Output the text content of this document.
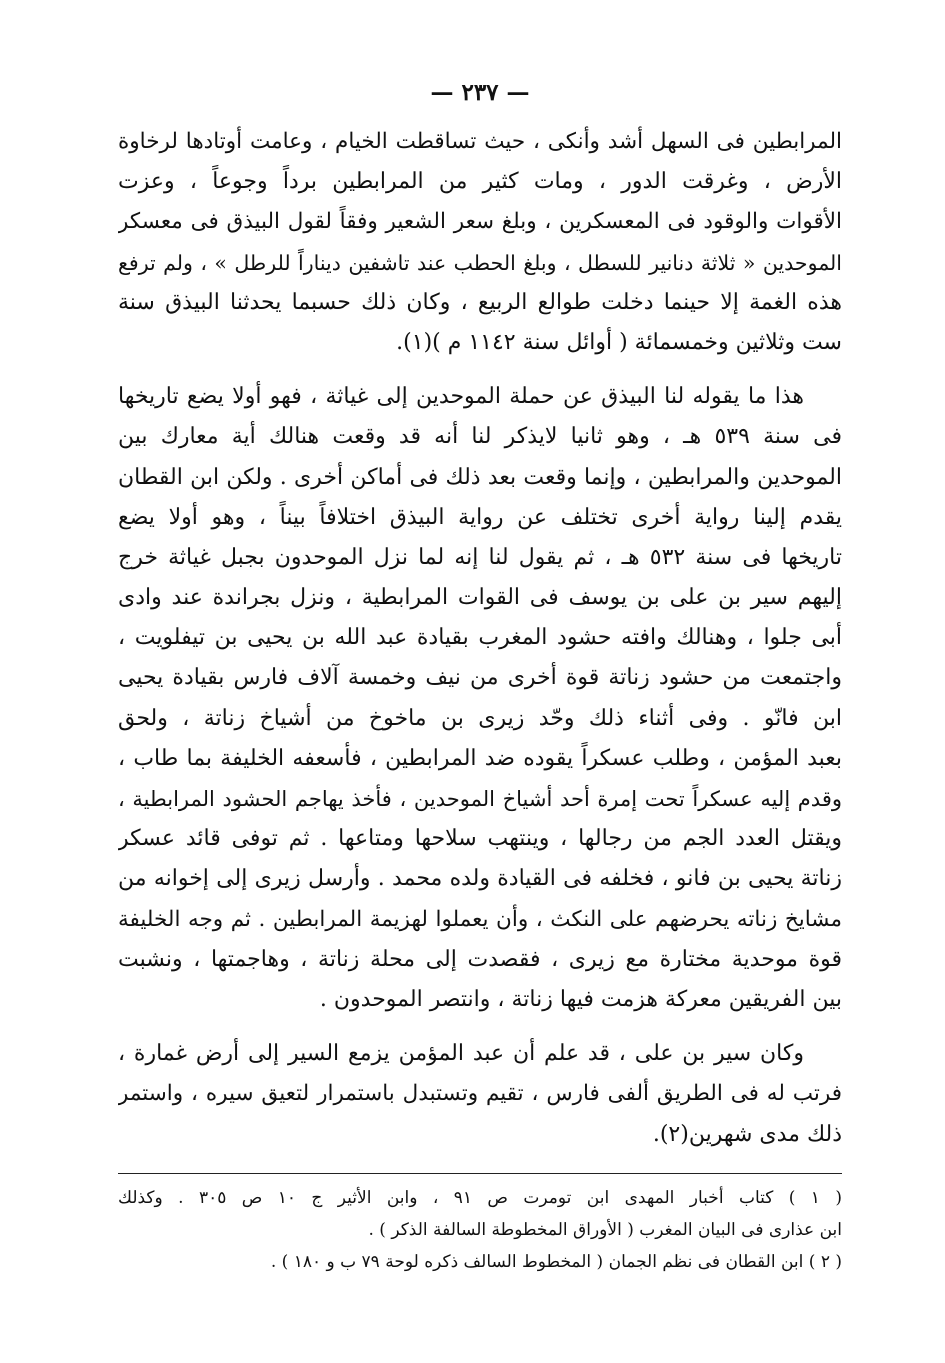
— ٢٣٧ —
المرابطين فى السهل أشد وأنكى ، حيث تساقطت الخيام ، وعامت أوتادها لرخاوة
الأرض ، وغرقت الدور ، ومات كثير من المرابطين برداً وجوعاً ، وعزت
الأقوات والوقود فى المعسكرين ، وبلغ سعر الشعير وفقاً لقول البيذق فى معسكر
الموحدين « ثلاثة دنانير للسطل ، وبلغ الحطب عند تاشفين ديناراً للرطل » ، ولم ترفع
هذه الغمة إلا حينما دخلت طوالع الربيع ، وكان ذلك حسبما يحدثنا البيذق سنة
ست وثلاثين وخمسمائة ( أوائل سنة ١١٤٢ م )(١).
هذا ما يقوله لنا البيذق عن حملة الموحدين إلى غياثة ، فهو أولا يضع تاريخها
فى سنة ٥٣٩ هـ ، وهو ثانيا لايذكر لنا أنه قد وقعت هنالك أية معارك بين
الموحدين والمرابطين ، وإنما وقعت بعد ذلك فى أماكن أخرى . ولكن ابن القطان
يقدم إلينا رواية أخرى تختلف عن رواية البيذق اختلافاً بيناً ، وهو أولا يضع
تاريخها فى سنة ٥٣٢ هـ ، ثم يقول لنا إنه لما نزل الموحدون بجبل غياثة خرج
إليهم سير بن على بن يوسف فى القوات المرابطية ، ونزل بجراندة عند وادى
أبى جلوا ، وهنالك وافته حشود المغرب بقيادة عبد الله بن يحيى بن تيفلويت ،
واجتمعت من حشود زناتة قوة أخرى من نيف وخمسة آلاف فارس بقيادة يحيى
ابن فانّو . وفى أثناء ذلك وحّد زيرى بن ماخوخ من أشياخ زناتة ، ولحق
بعبد المؤمن ، وطلب عسكراً يقوده ضد المرابطين ، فأسعفه الخليفة بما طاب ،
وقدم إليه عسكراً تحت إمرة أحد أشياخ الموحدين ، فأخذ يهاجم الحشود المرابطية ،
ويقتل العدد الجم من رجالها ، وينتهب سلاحها ومتاعها . ثم توفى قائد عسكر
زناتة يحيى بن فانو ، فخلفه فى القيادة ولده محمد . وأرسل زيرى إلى إخوانه من
مشايخ زناته يحرضهم على النكث ، وأن يعملوا لهزيمة المرابطين . ثم وجه الخليفة
قوة موحدية مختارة مع زيرى ، فقصدت إلى محلة زناتة ، وهاجمتها ، ونشبت
بين الفريقين معركة هزمت فيها زناتة ، وانتصر الموحدون .
وكان سير بن على ، قد علم أن عبد المؤمن يزمع السير إلى أرض غمارة ،
فرتب له فى الطريق ألفى فارس ، تقيم وتستبدل باستمرار لتعيق سيره ، واستمر
ذلك مدى شهرين(٢).
( ١ ) كتاب أخبار المهدى ابن تومرت ص ٩١ ، وابن الأثير ج ١٠ ص ٣٠٥ . وكذلك
ابن عذارى فى البيان المغرب ( الأوراق المخطوطة السالفة الذكر ) .
( ٢ ) ابن القطان فى نظم الجمان ( المخطوط السالف ذكره لوحة ٧٩ ب و ١٨٠ ) .
